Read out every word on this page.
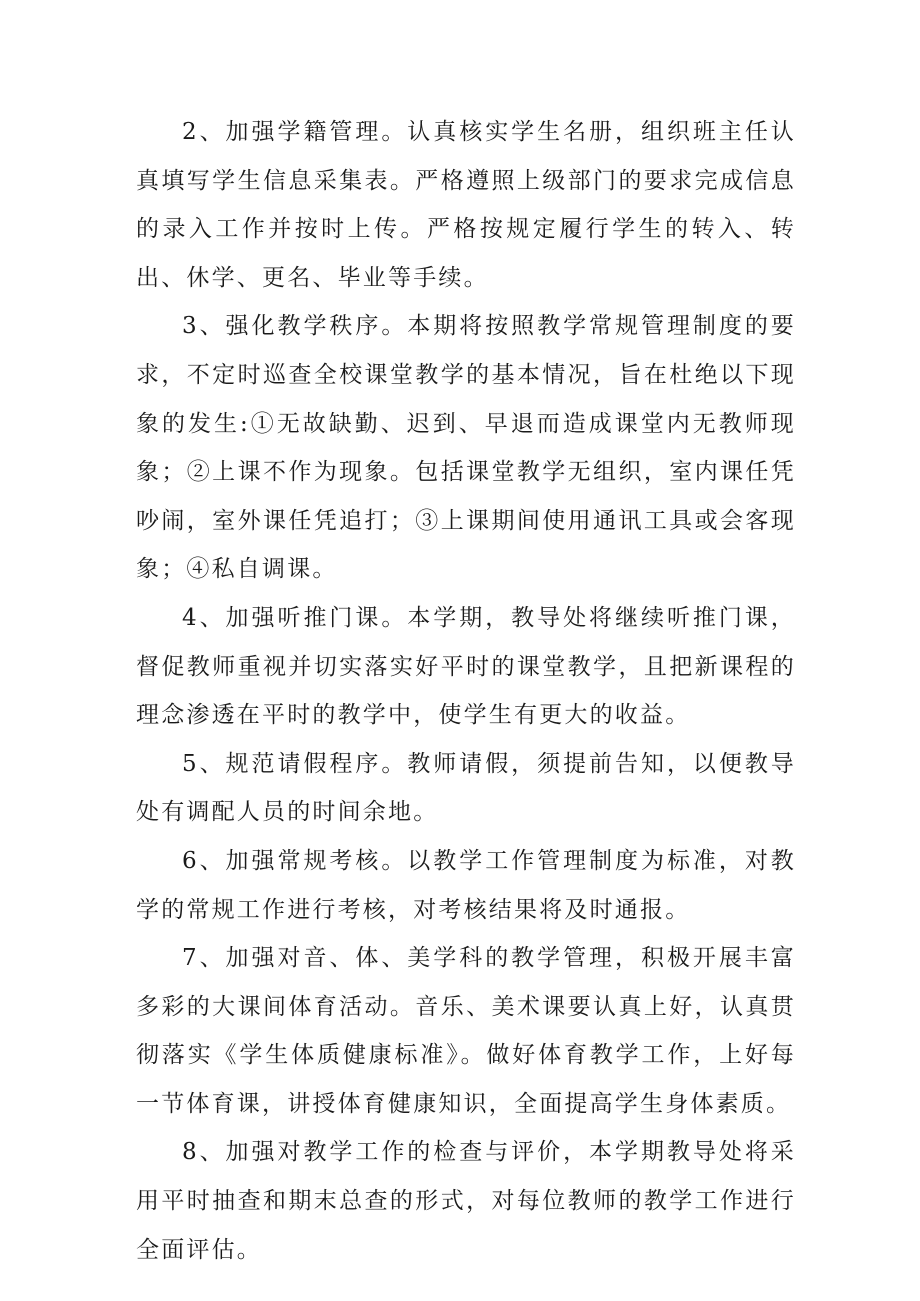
2、加强学籍管理。认真核实学生名册，组织班主任认真填写学生信息采集表。严格遵照上级部门的要求完成信息的录入工作并按时上传。严格按规定履行学生的转入、转出、休学、更名、毕业等手续。

3、强化教学秩序。本期将按照教学常规管理制度的要求，不定时巡查全校课堂教学的基本情况，旨在杜绝以下现象的发生:①无故缺勤、迟到、早退而造成课堂内无教师现象；②上课不作为现象。包括课堂教学无组织，室内课任凭吵闹，室外课任凭追打；③上课期间使用通讯工具或会客现象；④私自调课。

4、加强听推门课。本学期，教导处将继续听推门课，督促教师重视并切实落实好平时的课堂教学，且把新课程的理念渗透在平时的教学中，使学生有更大的收益。

5、规范请假程序。教师请假，须提前告知，以便教导处有调配人员的时间余地。

6、加强常规考核。以教学工作管理制度为标准，对教学的常规工作进行考核，对考核结果将及时通报。

7、加强对音、体、美学科的教学管理，积极开展丰富多彩的大课间体育活动。音乐、美术课要认真上好，认真贯彻落实《学生体质健康标准》。做好体育教学工作，上好每一节体育课，讲授体育健康知识，全面提高学生身体素质。

8、加强对教学工作的检查与评价，本学期教导处将采用平时抽查和期末总查的形式，对每位教师的教学工作进行全面评估。
